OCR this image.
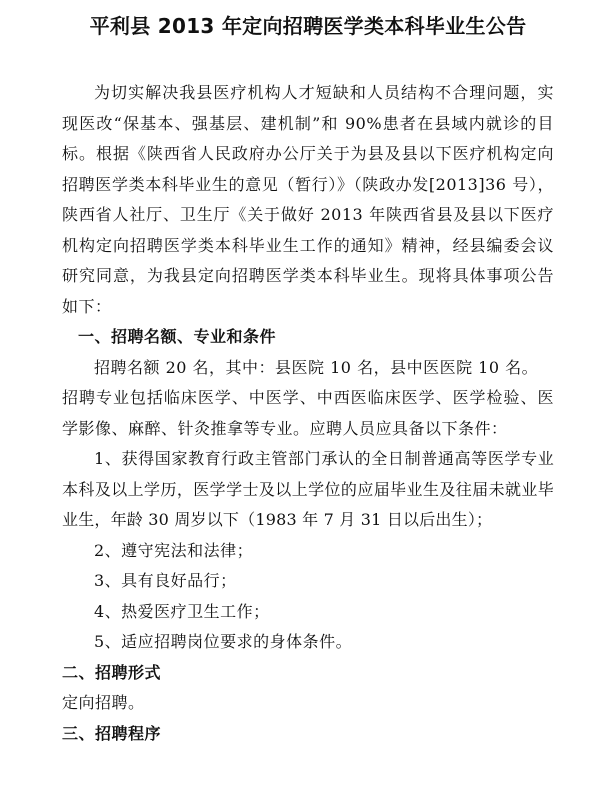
平利县 2013 年定向招聘医学类本科毕业生公告

为切实解决我县医疗机构人才短缺和人员结构不合理问题，实现医改“保基本、强基层、建机制”和 90%患者在县域内就诊的目标。根据《陕西省人民政府办公厅关于为县及县以下医疗机构定向招聘医学类本科毕业生的意见（暂行）》（陕政办发[2013]36 号），陕西省人社厅、卫生厅《关于做好 2013 年陕西省县及县以下医疗机构定向招聘医学类本科毕业生工作的通知》精神，经县编委会议研究同意，为我县定向招聘医学类本科毕业生。现将具体事项公告如下：

一、招聘名额、专业和条件

招聘名额 20 名，其中：县医院 10 名，县中医医院 10 名。

招聘专业包括临床医学、中医学、中西医临床医学、医学检验、医学影像、麻醉、针灸推拿等专业。应聘人员应具备以下条件：

1、获得国家教育行政主管部门承认的全日制普通高等医学专业本科及以上学历，医学学士及以上学位的应届毕业生及往届未就业毕业生，年龄 30 周岁以下（1983 年 7 月 31 日以后出生）；

2、遵守宪法和法律；

3、具有良好品行；

4、热爱医疗卫生工作；

5、适应招聘岗位要求的身体条件。

二、招聘形式

定向招聘。

三、招聘程序
